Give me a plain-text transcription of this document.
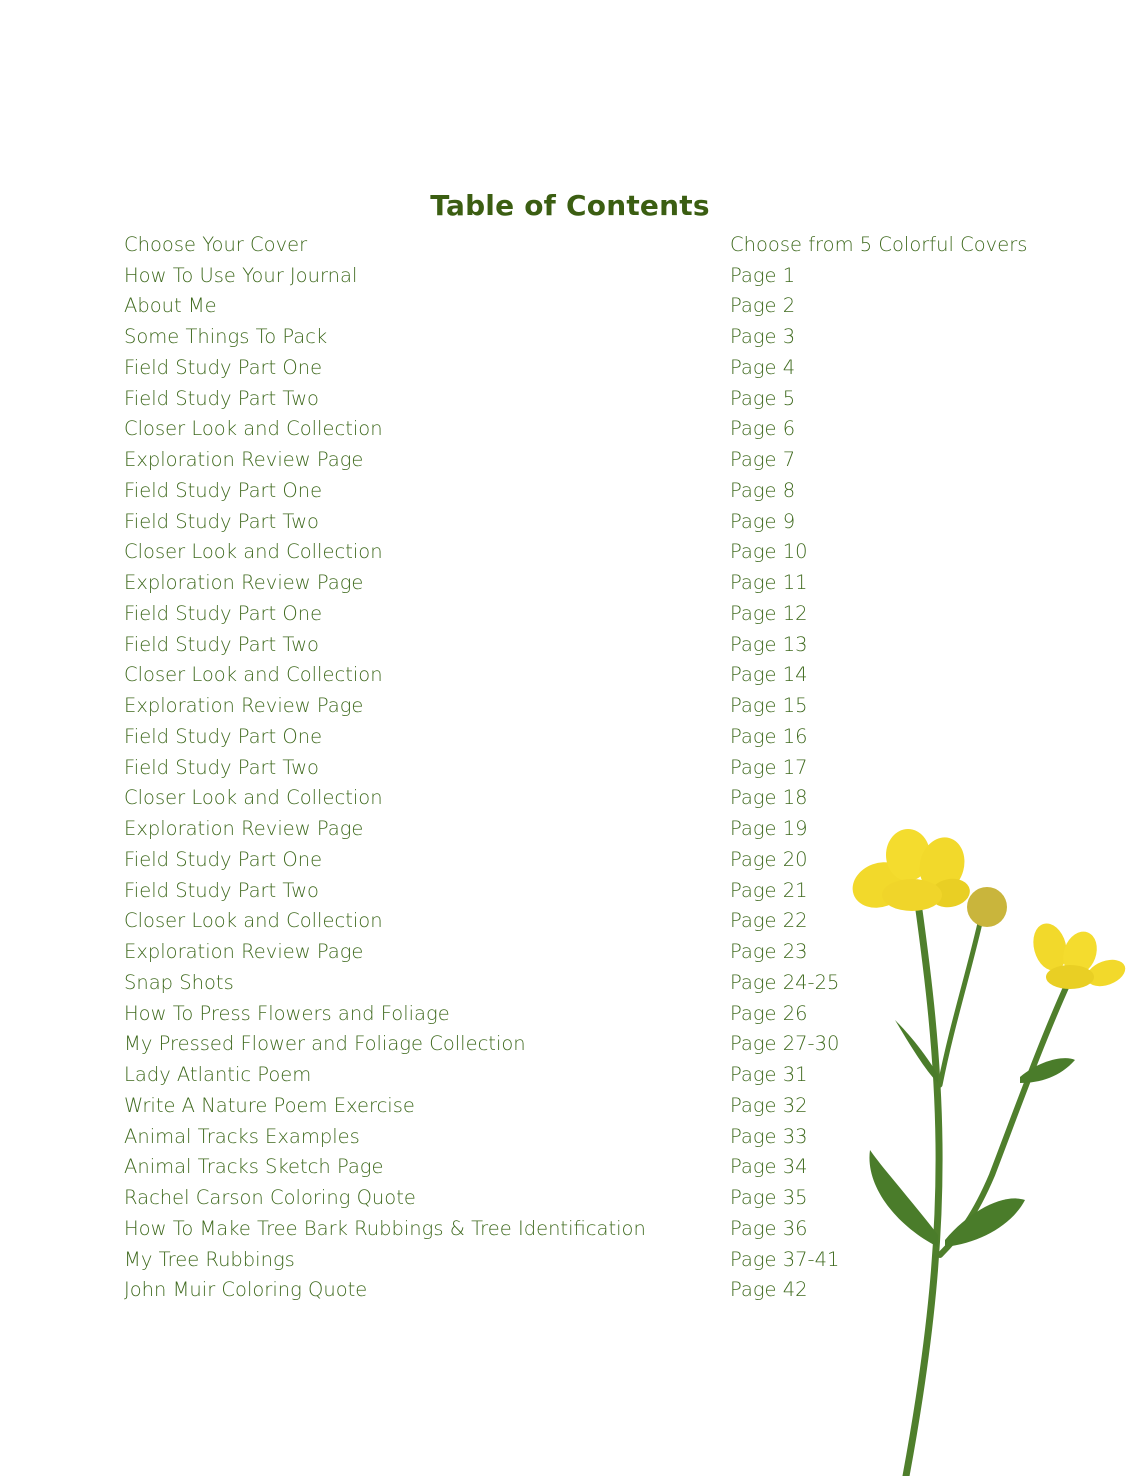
Table of Contents
Choose Your Cover	Choose from 5 Colorful Covers
How To Use Your Journal	Page 1
About Me	Page 2
Some Things To Pack	Page 3
Field Study Part One	Page 4
Field Study Part Two	Page 5
Closer Look and Collection	Page 6
Exploration Review Page	Page 7
Field Study Part One	Page 8
Field Study Part Two	Page 9
Closer Look and Collection	Page 10
Exploration Review Page	Page 11
Field Study Part One	Page 12
Field Study Part Two	Page 13
Closer Look and Collection	Page 14
Exploration Review Page	Page 15
Field Study Part One	Page 16
Field Study Part Two	Page 17
Closer Look and Collection	Page 18
Exploration Review Page	Page 19
Field Study Part One	Page 20
Field Study Part Two	Page 21
Closer Look and Collection	Page 22
Exploration Review Page	Page 23
Snap Shots	Page 24-25
How To Press Flowers and Foliage	Page 26
My Pressed Flower and Foliage Collection	Page 27-30
Lady Atlantic Poem	Page 31
Write A Nature Poem Exercise	Page 32
Animal Tracks Examples	Page 33
Animal Tracks Sketch Page	Page 34
Rachel Carson Coloring Quote	Page 35
How To Make Tree Bark Rubbings & Tree Identification	Page 36
My Tree Rubbings	Page 37-41
John Muir Coloring Quote	Page 42
